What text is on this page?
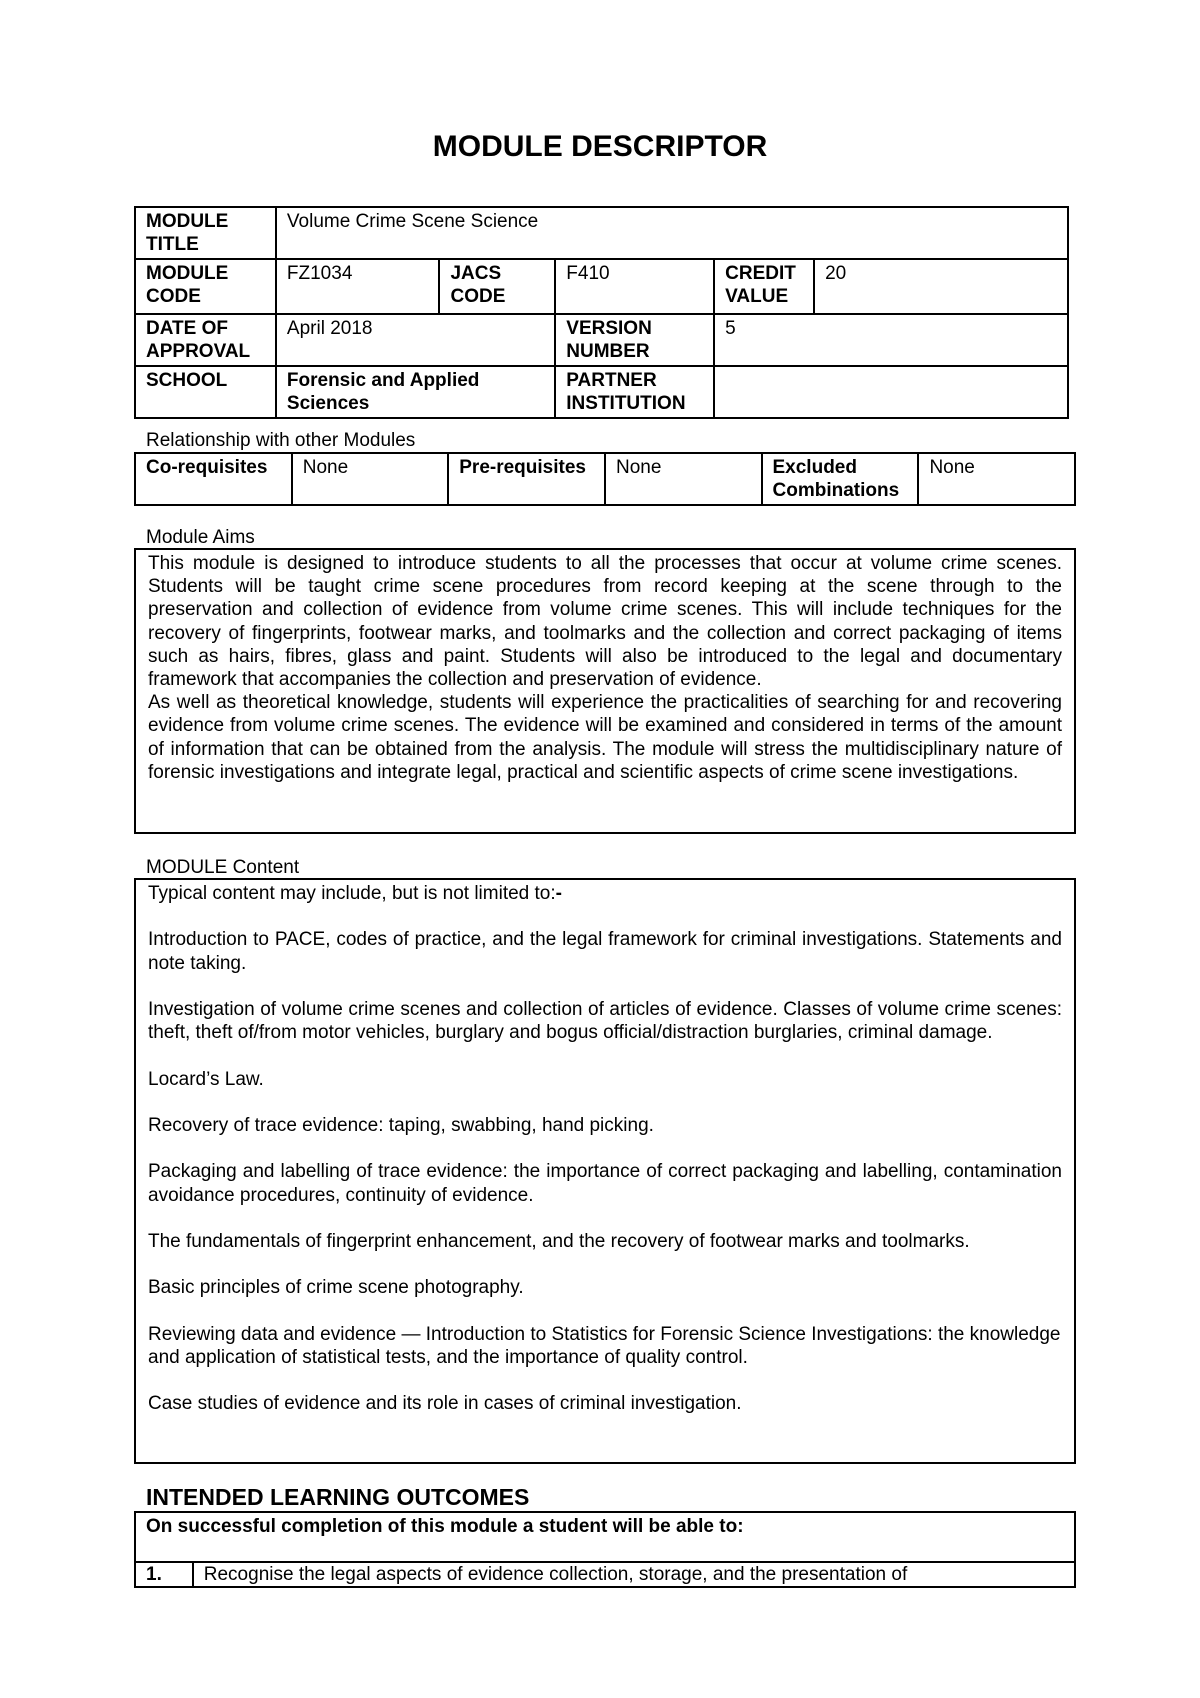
MODULE DESCRIPTOR
MODULE TITLE	Volume Crime Scene Science				
MODULE CODE	FZ1034	JACS CODE	F410	CREDIT VALUE	20
DATE OF APPROVAL	April 2018		VERSION NUMBER	5	
SCHOOL	Forensic and Applied Sciences		PARTNER INSTITUTION		
Relationship with other Modules
Co-requisites	None	Pre-requisites	None	Excluded Combinations	None
Module Aims

This module is designed to introduce students to all the processes that occur at volume crime scenes. Students will be taught crime scene procedures from record keeping at the scene through to the preservation and collection of evidence from volume crime scenes. This will include techniques for the recovery of fingerprints, footwear marks, and toolmarks and the collection and correct packaging of items such as hairs, fibres, glass and paint. Students will also be introduced to the legal and documentary framework that accompanies the collection and preservation of evidence.

As well as theoretical knowledge, students will experience the practicalities of searching for and recovering evidence from volume crime scenes. The evidence will be examined and considered in terms of the amount of information that can be obtained from the analysis. The module will stress the multidisciplinary nature of forensic investigations and integrate legal, practical and scientific aspects of crime scene investigations.

MODULE Content

Typical content may include, but is not limited to:-

Introduction to PACE, codes of practice, and the legal framework for criminal investigations. Statements and note taking.

Investigation of volume crime scenes and collection of articles of evidence. Classes of volume crime scenes: theft, theft of/from motor vehicles, burglary and bogus official/distraction burglaries, criminal damage.

Locard’s Law.

Recovery of trace evidence: taping, swabbing, hand picking.

Packaging and labelling of trace evidence: the importance of correct packaging and labelling, contamination avoidance procedures, continuity of evidence.

The fundamentals of fingerprint enhancement, and the recovery of footwear marks and toolmarks.

Basic principles of crime scene photography.

Reviewing data and evidence — Introduction to Statistics for Forensic Science Investigations: the knowledge and application of statistical tests, and the importance of quality control.

Case studies of evidence and its role in cases of criminal investigation.

INTENDED LEARNING OUTCOMES
On successful completion of this module a student will be able to:
1.	Recognise the legal aspects of evidence collection, storage, and the presentation of
